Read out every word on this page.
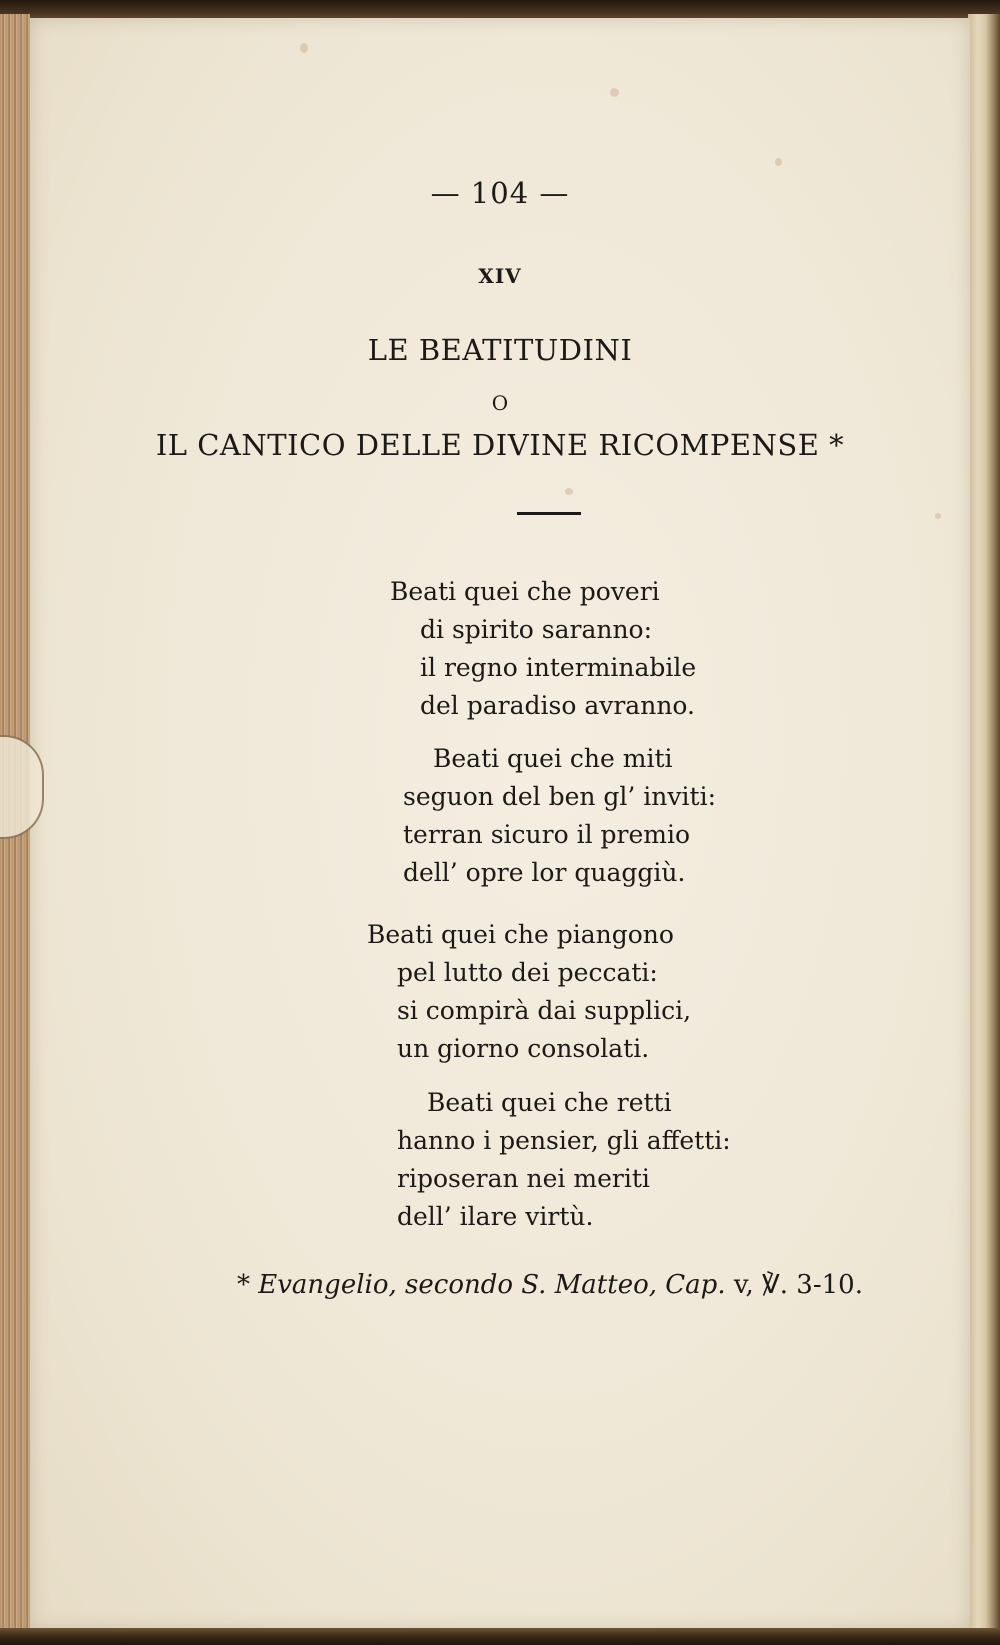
— 104 —

XIV

LE BEATITUDINI

O

IL CANTICO DELLE DIVINE RICOMPENSE *

Beati quei che poveri
di spirito saranno:
il regno interminabile
del paradiso avranno.
Beati quei che miti
seguon del ben gl’ inviti:
terran sicuro il premio
dell’ opre lor quaggiù.
Beati quei che piangono
pel lutto dei peccati:
si compirà dai supplici,
un giorno consolati.
Beati quei che retti
hanno i pensier, gli affetti:
riposeran nei meriti
dell’ ilare virtù.

* Evangelio, secondo S. Matteo, Cap. v, ℣. 3-10.
